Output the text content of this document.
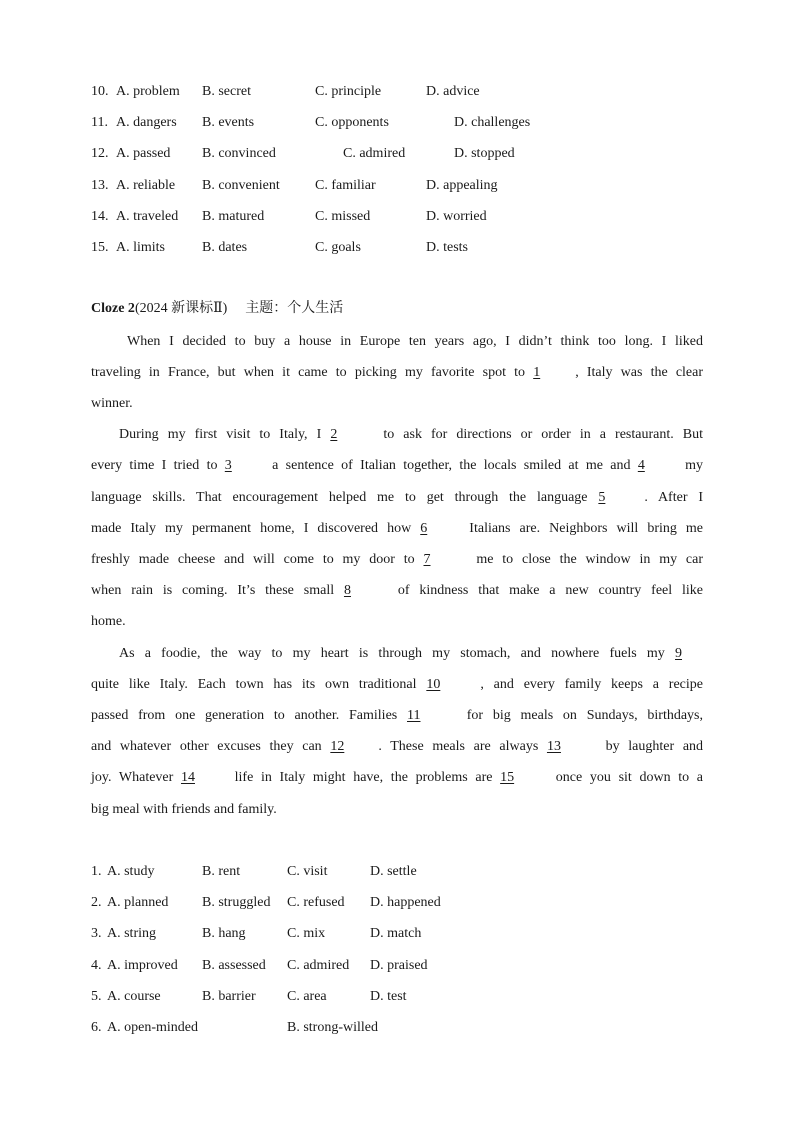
10. A. problem B. secret	C. principle	D. advice
11. A. dangers B. events	C. opponents	D. challenges
12. A. passed B. convinced	C. admired	D. stopped
13. A. reliable B. convenient	C. familiar	D. appealing
14. A. traveled B. matured	C. missed	D. worried
15. A. limits	B. dates	C. goals	D. tests
Cloze 2(2024 新课标Ⅱ) 主题：个人生活
When I decided to buy a house in Europe ten years ago, I didn’t think too long. I liked
traveling in France, but when it came to picking my favorite spot to 1	, Italy was the clear
winner.
During my first visit to Italy, I 2	to ask for directions or order in a restaurant. But
every time I tried to 3	a sentence of Italian together, the locals smiled at me and 4	my
language skills. That encouragement helped me to get through the language 5	. After I
made Italy my permanent home, I discovered how 6	Italians are. Neighbors will bring me
freshly made cheese and will come to my door to 7	me to close the window in my car
when rain is coming. It’s these small 8	of kindness that make a new country feel like
home.
As a foodie, the way to my heart is through my stomach, and nowhere fuels my 9
quite like Italy. Each town has its own traditional 10	, and every family keeps a recipe
passed from one generation to another. Families 11	for big meals on Sundays, birthdays,
and whatever other excuses they can 12 . These meals are always 13	by laughter and
joy. Whatever 14	life in Italy might have, the problems are 15	once you sit down to a
big meal with friends and family.
1. A. study	B. rent	C. visit	D. settle
2. A. planned B. struggled C. refused D. happened
3. A. string	B. hang	C. mix	D. match
4. A. improved B. assessed C. admired D. praised
5. A. course	B. barrier C. area	D. test
6. A. open-minded	B. strong-willed
